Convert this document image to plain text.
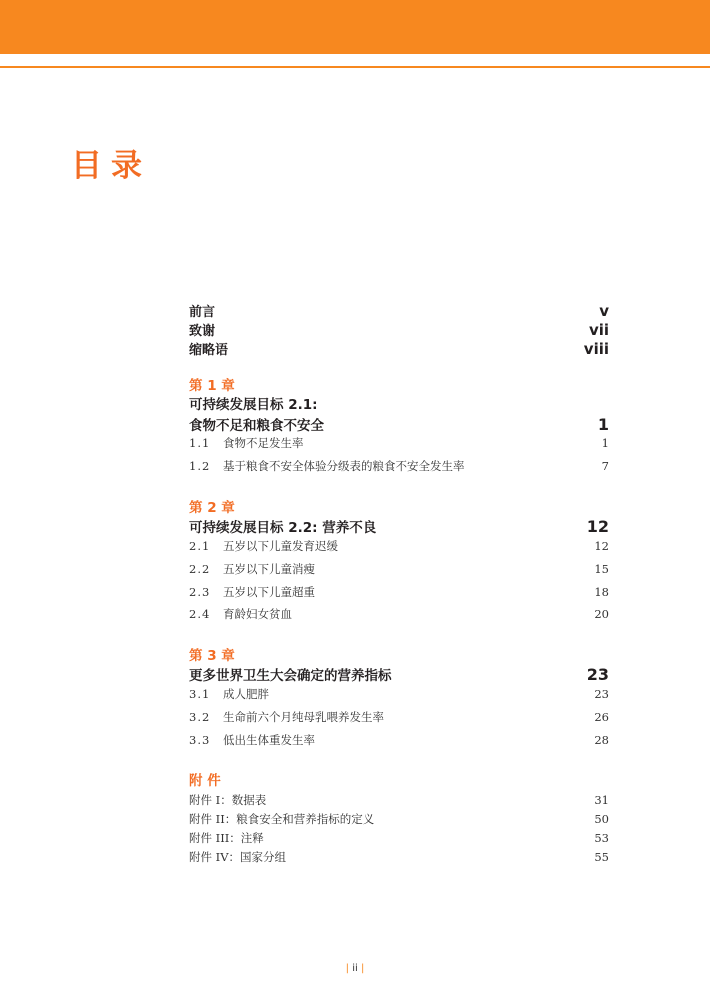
目录
前言	v
致谢	vii
缩略语	viii
第 1 章
可持续发展目标 2.1:
食物不足和粮食不安全	1
1.1 食物不足发生率	1
1.2 基于粮食不安全体验分级表的粮食不安全发生率	7
第 2 章
可持续发展目标 2.2: 营养不良	12
2.1 五岁以下儿童发育迟缓	12
2.2 五岁以下儿童消瘦	15
2.3 五岁以下儿童超重	18
2.4 育龄妇女贫血	20
第 3 章
更多世界卫生大会确定的营养指标	23
3.1 成人肥胖	23
3.2 生命前六个月纯母乳喂养发生率	26
3.3 低出生体重发生率	28
附 件
附件 I：数据表	31
附件 II：粮食安全和营养指标的定义	50
附件 III：注释	53
附件 IV：国家分组	55
| ii |
